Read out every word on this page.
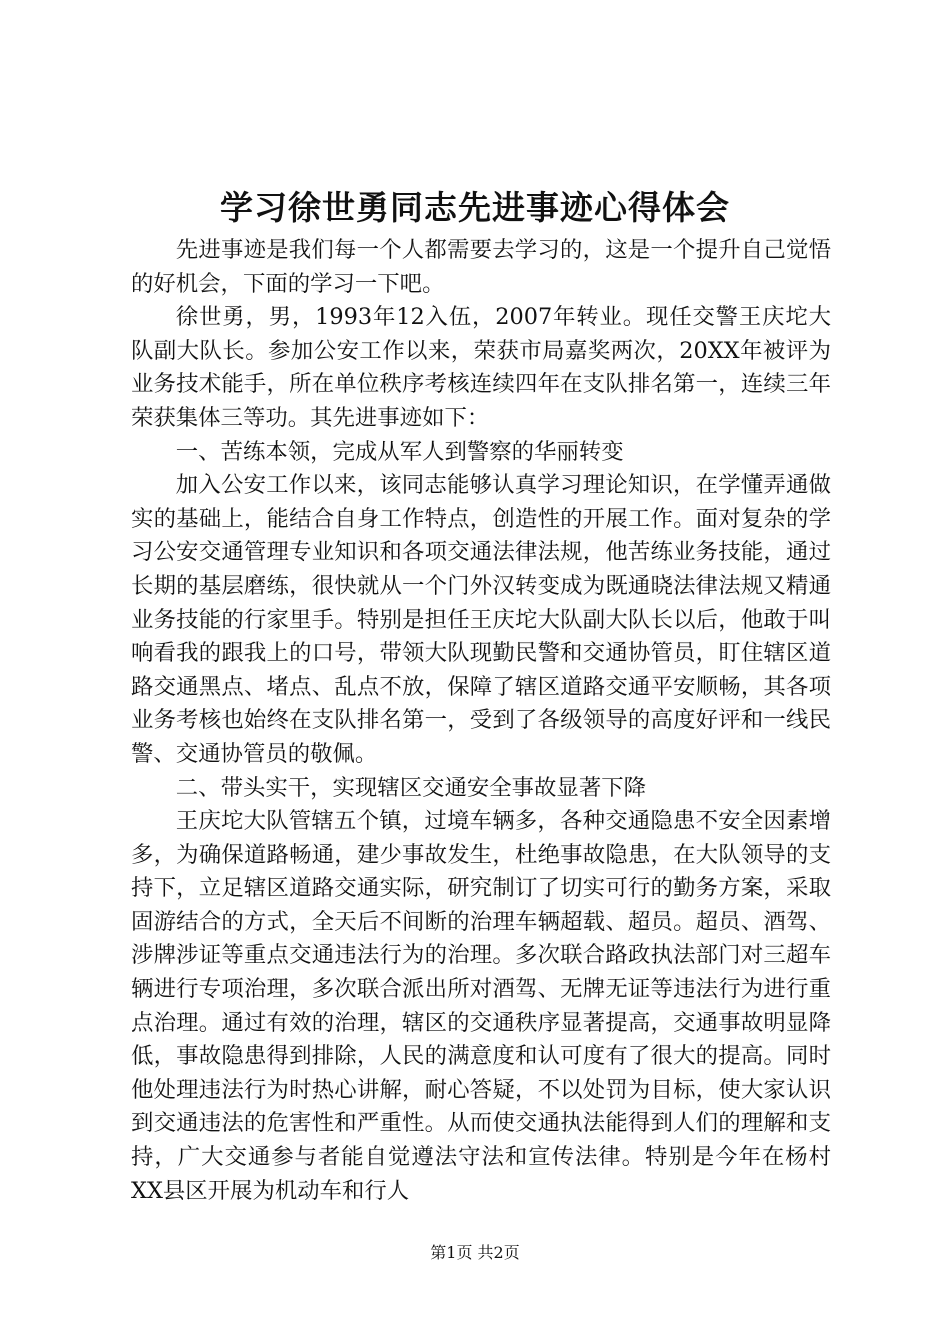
学习徐世勇同志先进事迹心得体会

先进事迹是我们每一个人都需要去学习的，这是一个提升自己觉悟的好机会，下面的学习一下吧。

徐世勇，男，1993年12入伍，2007年转业。现任交警王庆坨大队副大队长。参加公安工作以来，荣获市局嘉奖两次，20XX年被评为业务技术能手，所在单位秩序考核连续四年在支队排名第一，连续三年荣获集体三等功。其先进事迹如下：

一、苦练本领，完成从军人到警察的华丽转变

加入公安工作以来，该同志能够认真学习理论知识，在学懂弄通做实的基础上，能结合自身工作特点，创造性的开展工作。面对复杂的学习公安交通管理专业知识和各项交通法律法规，他苦练业务技能，通过长期的基层磨练，很快就从一个门外汉转变成为既通晓法律法规又精通业务技能的行家里手。特别是担任王庆坨大队副大队长以后，他敢于叫响看我的跟我上的口号，带领大队现勤民警和交通协管员，盯住辖区道路交通黑点、堵点、乱点不放，保障了辖区道路交通平安顺畅，其各项业务考核也始终在支队排名第一，受到了各级领导的高度好评和一线民警、交通协管员的敬佩。

二、带头实干，实现辖区交通安全事故显著下降

王庆坨大队管辖五个镇，过境车辆多，各种交通隐患不安全因素增多，为确保道路畅通，建少事故发生，杜绝事故隐患，在大队领导的支持下，立足辖区道路交通实际，研究制订了切实可行的勤务方案，采取固游结合的方式，全天后不间断的治理车辆超载、超员。超员、酒驾、涉牌涉证等重点交通违法行为的治理。多次联合路政执法部门对三超车辆进行专项治理，多次联合派出所对酒驾、无牌无证等违法行为进行重点治理。通过有效的治理，辖区的交通秩序显著提高，交通事故明显降低，事故隐患得到排除，人民的满意度和认可度有了很大的提高。同时他处理违法行为时热心讲解，耐心答疑，不以处罚为目标，使大家认识到交通违法的危害性和严重性。从而使交通执法能得到人们的理解和支持，广大交通参与者能自觉遵法守法和宣传法律。特别是今年在杨村XX县区开展为机动车和行人

第1页 共2页
